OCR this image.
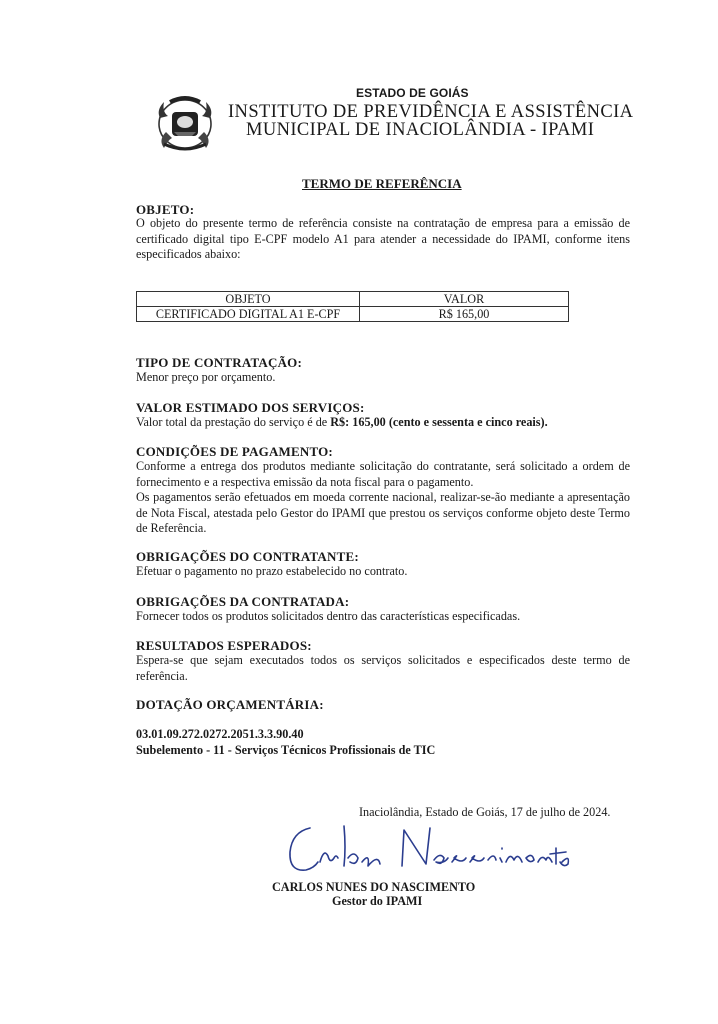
ESTADO DE GOIÁS
INSTITUTO DE PREVIDÊNCIA E ASSISTÊNCIA
MUNICIPAL DE INACIOLÂNDIA - IPAMI
TERMO DE REFERÊNCIA
OBJETO:
O objeto do presente termo de referência consiste na contratação de empresa para a emissão de certificado digital tipo E-CPF modelo A1 para atender a necessidade do IPAMI, conforme itens especificados abaixo:
OBJETO	VALOR
CERTIFICADO DIGITAL A1 E-CPF	R$ 165,00
TIPO DE CONTRATAÇÃO:
Menor preço por orçamento.
VALOR ESTIMADO DOS SERVIÇOS:
Valor total da prestação do serviço é de R$: 165,00 (cento e sessenta e cinco reais).
CONDIÇÕES DE PAGAMENTO:
Conforme a entrega dos produtos mediante solicitação do contratante, será solicitado a ordem de fornecimento e a respectiva emissão da nota fiscal para o pagamento.
Os pagamentos serão efetuados em moeda corrente nacional, realizar-se-ão mediante a apresentação de Nota Fiscal, atestada pelo Gestor do IPAMI que prestou os serviços conforme objeto deste Termo de Referência.
OBRIGAÇÕES DO CONTRATANTE:
Efetuar o pagamento no prazo estabelecido no contrato.
OBRIGAÇÕES DA CONTRATADA:
Fornecer todos os produtos solicitados dentro das características especificadas.
RESULTADOS ESPERADOS:
Espera-se que sejam executados todos os serviços solicitados e especificados deste termo de referência.
DOTAÇÃO ORÇAMENTÁRIA:
03.01.09.272.0272.2051.3.3.90.40
Subelemento - 11 - Serviços Técnicos Profissionais de TIC
Inaciolândia, Estado de Goiás, 17 de julho de 2024.
CARLOS NUNES DO NASCIMENTO
Gestor do IPAMI
